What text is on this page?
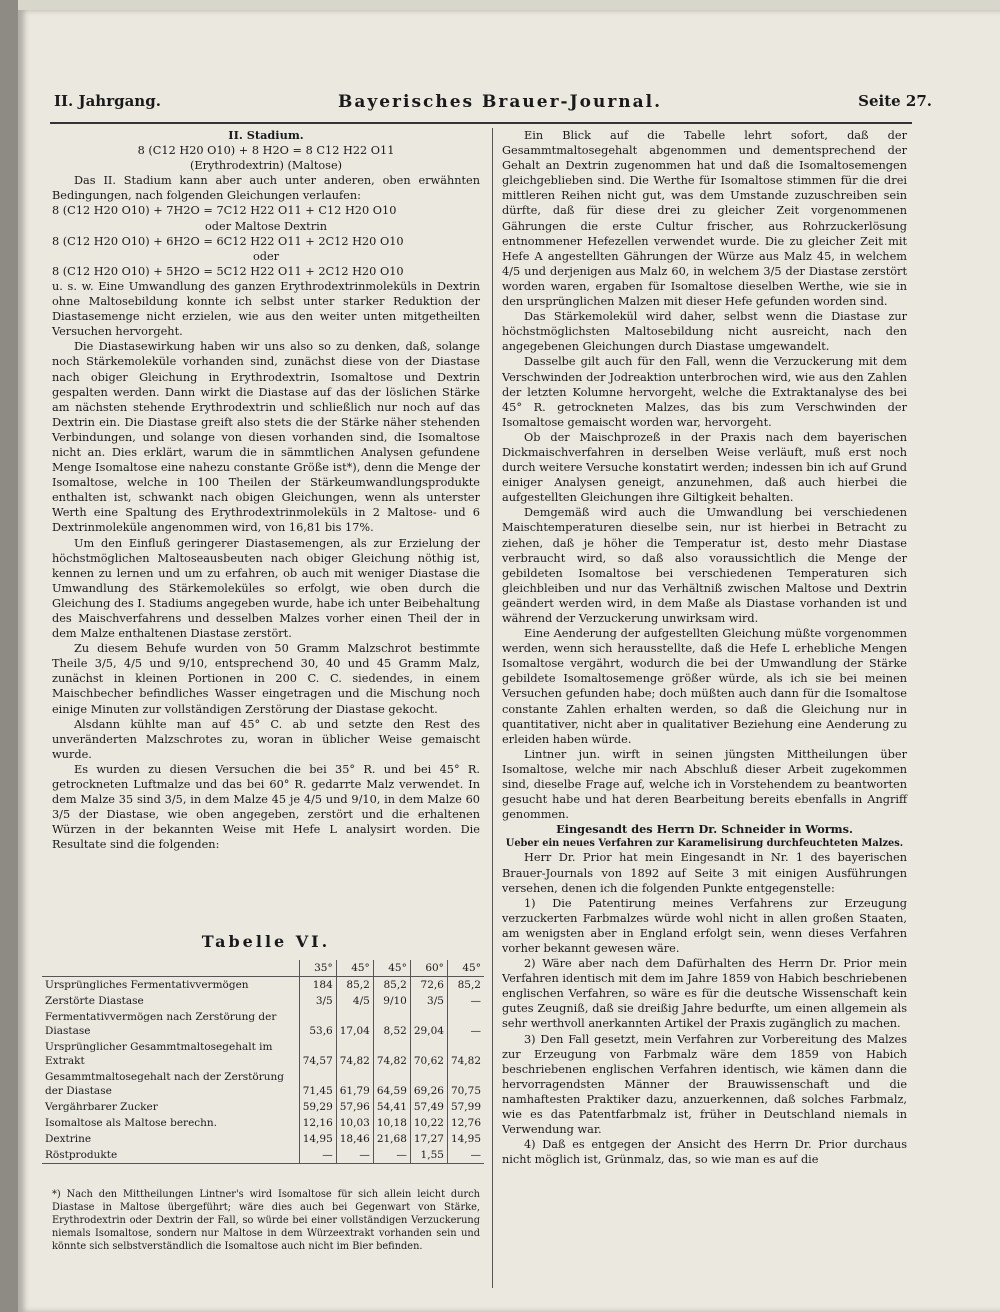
II. Jahrgang.	Bayerisches Brauer-Journal.	Seite 27.

II. Stadium.

8 (C12 H20 O10) + 8 H2O = 8 C12 H22 O11

(Erythrodextrin) (Maltose)

Das II. Stadium kann aber auch unter anderen, oben erwähnten Bedingungen, nach folgenden Gleichungen verlaufen:

8 (C12 H20 O10) + 7H2O = 7C12 H22 O11 + C12 H20 O10

oder Maltose Dextrin

8 (C12 H20 O10) + 6H2O = 6C12 H22 O11 + 2C12 H20 O10

oder

8 (C12 H20 O10) + 5H2O = 5C12 H22 O11 + 2C12 H20 O10

u. s. w. Eine Umwandlung des ganzen Erythrodextrinmoleküls in Dextrin ohne Maltosebildung konnte ich selbst unter starker Reduktion der Diastasemenge nicht erzielen, wie aus den weiter unten mitgetheilten Versuchen hervorgeht.

Die Diastasewirkung haben wir uns also so zu denken, daß, solange noch Stärkemoleküle vorhanden sind, zunächst diese von der Diastase nach obiger Gleichung in Erythrodextrin, Isomaltose und Dextrin gespalten werden. Dann wirkt die Diastase auf das der löslichen Stärke am nächsten stehende Erythrodextrin und schließlich nur noch auf das Dextrin ein. Die Diastase greift also stets die der Stärke näher stehenden Verbindungen, und solange von diesen vorhanden sind, die Isomaltose nicht an. Dies erklärt, warum die in sämmtlichen Analysen gefundene Menge Isomaltose eine nahezu constante Größe ist*), denn die Menge der Isomaltose, welche in 100 Theilen der Stärkeumwandlungsprodukte enthalten ist, schwankt nach obigen Gleichungen, wenn als unterster Werth eine Spaltung des Erythrodextrinmoleküls in 2 Maltose- und 6 Dextrinmoleküle angenommen wird, von 16,81 bis 17%.

Um den Einfluß geringerer Diastasemengen, als zur Erzielung der höchstmöglichen Maltoseausbeuten nach obiger Gleichung nöthig ist, kennen zu lernen und um zu erfahren, ob auch mit weniger Diastase die Umwandlung des Stärkemoleküles so erfolgt, wie oben durch die Gleichung des I. Stadiums angegeben wurde, habe ich unter Beibehaltung des Maischverfahrens und desselben Malzes vorher einen Theil der in dem Malze enthaltenen Diastase zerstört.

Zu diesem Behufe wurden von 50 Gramm Malzschrot bestimmte Theile 3/5, 4/5 und 9/10, entsprechend 30, 40 und 45 Gramm Malz, zunächst in kleinen Portionen in 200 C. C. siedendes, in einem Maischbecher befindliches Wasser eingetragen und die Mischung noch einige Minuten zur vollständigen Zerstörung der Diastase gekocht.

Alsdann kühlte man auf 45° C. ab und setzte den Rest des unveränderten Malzschrotes zu, woran in üblicher Weise gemaischt wurde.

Es wurden zu diesen Versuchen die bei 35° R. und bei 45° R. getrockneten Luftmalze und das bei 60° R. gedarrte Malz verwendet. In dem Malze 35 sind 3/5, in dem Malze 45 je 4/5 und 9/10, in dem Malze 60 3/5 der Diastase, wie oben angegeben, zerstört und die erhaltenen Würzen in der bekannten Weise mit Hefe L analysirt worden. Die Resultate sind die folgenden:

Tabelle VI.
	35°	45°	45°	60°	45°
Ursprüngliches Fermentativvermögen	184	85,2	85,2	72,6	85,2
Zerstörte Diastase	3/5	4/5	9/10	3/5	—
Fermentativvermögen nach Zerstörung der Diastase	53,6	17,04	8,52	29,04	—
Ursprünglicher Gesammtmaltosegehalt im Extrakt	74,57	74,82	74,82	70,62	74,82
Gesammtmaltosegehalt nach der Zerstörung der Diastase	71,45	61,79	64,59	69,26	70,75
Vergährbarer Zucker	59,29	57,96	54,41	57,49	57,99
Isomaltose als Maltose berechn.	12,16	10,03	10,18	10,22	12,76
Dextrine	14,95	18,46	21,68	17,27	14,95
Röstprodukte	—	—	—	1,55	—
*) Nach den Mittheilungen Lintner's wird Isomaltose für sich allein leicht durch Diastase in Maltose übergeführt; wäre dies auch bei Gegenwart von Stärke, Erythrodextrin oder Dextrin der Fall, so würde bei einer vollständigen Verzuckerung niemals Isomaltose, sondern nur Maltose in dem Würzeextrakt vorhanden sein und könnte sich selbstverständlich die Isomaltose auch nicht im Bier befinden.

Ein Blick auf die Tabelle lehrt sofort, daß der Gesammtmaltosegehalt abgenommen und dementsprechend der Gehalt an Dextrin zugenommen hat und daß die Isomaltosemengen gleichgeblieben sind. Die Werthe für Isomaltose stimmen für die drei mittleren Reihen nicht gut, was dem Umstande zuzuschreiben sein dürfte, daß für diese drei zu gleicher Zeit vorgenommenen Gährungen die erste Cultur frischer, aus Rohrzuckerlösung entnommener Hefezellen verwendet wurde. Die zu gleicher Zeit mit Hefe A angestellten Gährungen der Würze aus Malz 45, in welchem 4/5 und derjenigen aus Malz 60, in welchem 3/5 der Diastase zerstört worden waren, ergaben für Isomaltose dieselben Werthe, wie sie in den ursprünglichen Malzen mit dieser Hefe gefunden worden sind.

Das Stärkemolekül wird daher, selbst wenn die Diastase zur höchstmöglichsten Maltosebildung nicht ausreicht, nach den angegebenen Gleichungen durch Diastase umgewandelt.

Dasselbe gilt auch für den Fall, wenn die Verzuckerung mit dem Verschwinden der Jodreaktion unterbrochen wird, wie aus den Zahlen der letzten Kolumne hervorgeht, welche die Extraktanalyse des bei 45° R. getrockneten Malzes, das bis zum Verschwinden der Isomaltose gemaischt worden war, hervorgeht.

Ob der Maischprozeß in der Praxis nach dem bayerischen Dickmaischverfahren in derselben Weise verläuft, muß erst noch durch weitere Versuche konstatirt werden; indessen bin ich auf Grund einiger Analysen geneigt, anzunehmen, daß auch hierbei die aufgestellten Gleichungen ihre Giltigkeit behalten.

Demgemäß wird auch die Umwandlung bei verschiedenen Maischtemperaturen dieselbe sein, nur ist hierbei in Betracht zu ziehen, daß je höher die Temperatur ist, desto mehr Diastase verbraucht wird, so daß also voraussichtlich die Menge der gebildeten Isomaltose bei verschiedenen Temperaturen sich gleichbleiben und nur das Verhältniß zwischen Maltose und Dextrin geändert werden wird, in dem Maße als Diastase vorhanden ist und während der Verzuckerung unwirksam wird.

Eine Aenderung der aufgestellten Gleichung müßte vorgenommen werden, wenn sich herausstellte, daß die Hefe L erhebliche Mengen Isomaltose vergährt, wodurch die bei der Umwandlung der Stärke gebildete Isomaltosemenge größer würde, als ich sie bei meinen Versuchen gefunden habe; doch müßten auch dann für die Isomaltose constante Zahlen erhalten werden, so daß die Gleichung nur in quantitativer, nicht aber in qualitativer Beziehung eine Aenderung zu erleiden haben würde.

Lintner jun. wirft in seinen jüngsten Mittheilungen über Isomaltose, welche mir nach Abschluß dieser Arbeit zugekommen sind, dieselbe Frage auf, welche ich in Vorstehendem zu beantworten gesucht habe und hat deren Bearbeitung bereits ebenfalls in Angriff genommen.

Eingesandt des Herrn Dr. Schneider in Worms.

Ueber ein neues Verfahren zur Karamelisirung durchfeuchteten Malzes.

Herr Dr. Prior hat mein Eingesandt in Nr. 1 des bayerischen Brauer-Journals von 1892 auf Seite 3 mit einigen Ausführungen versehen, denen ich die folgenden Punkte entgegenstelle:

1) Die Patentirung meines Verfahrens zur Erzeugung verzuckerten Farbmalzes würde wohl nicht in allen großen Staaten, am wenigsten aber in England erfolgt sein, wenn dieses Verfahren vorher bekannt gewesen wäre.

2) Wäre aber nach dem Dafürhalten des Herrn Dr. Prior mein Verfahren identisch mit dem im Jahre 1859 von Habich beschriebenen englischen Verfahren, so wäre es für die deutsche Wissenschaft kein gutes Zeugniß, daß sie dreißig Jahre bedurfte, um einen allgemein als sehr werthvoll anerkannten Artikel der Praxis zugänglich zu machen.

3) Den Fall gesetzt, mein Verfahren zur Vorbereitung des Malzes zur Erzeugung von Farbmalz wäre dem 1859 von Habich beschriebenen englischen Verfahren identisch, wie kämen dann die hervorragendsten Männer der Brauwissenschaft und die namhaftesten Praktiker dazu, anzuerkennen, daß solches Farbmalz, wie es das Patentfarbmalz ist, früher in Deutschland niemals in Verwendung war.

4) Daß es entgegen der Ansicht des Herrn Dr. Prior durchaus nicht möglich ist, Grünmalz, das, so wie man es auf die
